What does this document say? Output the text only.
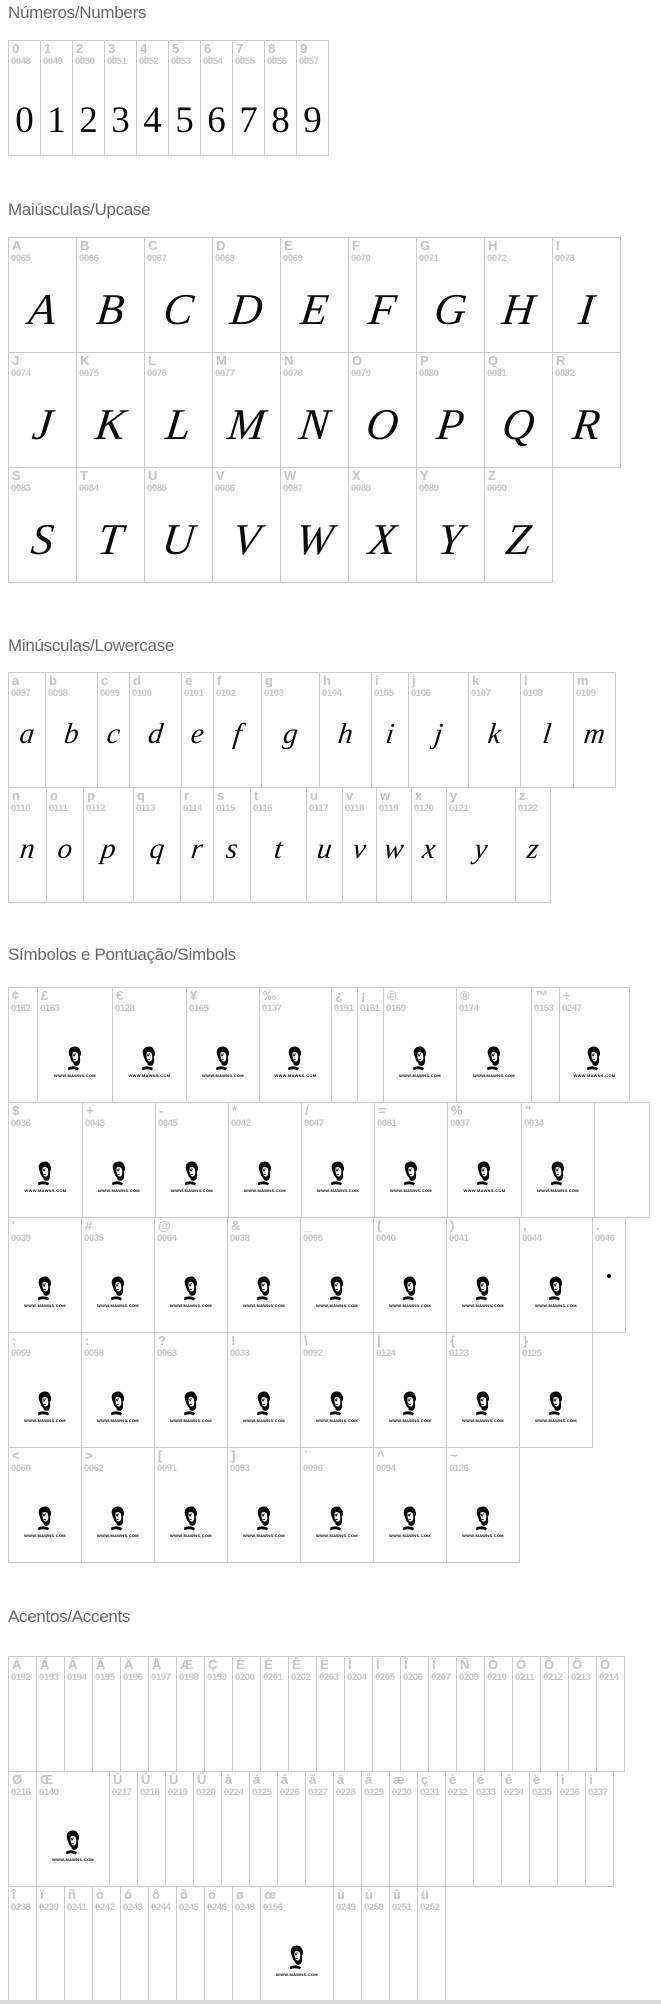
Números/Numbers
Maiúsculas/Upcase
Minúsculas/Lowercase
Símbolos e Pontuação/Simbols
Acentos/Accents
0
0048
0
1
0049
1
2
0050
2
3
0051
3
4
0052
4
5
0053
5
6
0054
6
7
0055
7
8
0056
8
9
0057
9
A
0065
A
B
0066
B
C
0067
C
D
0068
D
E
0069
E
F
0070
F
G
0071
G
H
0072
H
I
0073
I
J
0074
J
K
0075
K
L
0076
L
M
0077
M
N
0078
N
O
0079
O
P
0080
P
Q
0081
Q
R
0082
R
S
0083
S
T
0084
T
U
0085
U
V
0086
V
W
0087
W
X
0088
X
Y
0089
Y
Z
0090
Z
a
0097
a
b
0098
b
c
0099
c
d
0100
d
e
0101
e
f
0102
f
g
0103
g
h
0104
h
i
0105
i
j
0106
j
k
0107
k
l
0108
l
m
0109
m
n
0110
n
o
0111
o
p
0112
p
q
0113
q
r
0114
r
s
0115
s
t
0116
t
u
0117
u
v
0118
v
w
0119
w
x
0120
x
y
0121
y
z
0122
z
¢
0162
£
0163
WWW.MAWNS.COM
€
0128
WWW.MAWNS.COM
¥
0165
WWW.MAWNS.COM
‰
0137
WWW.MAWNS.COM
¿
0191
¡
0161
©
0169
WWW.MAWNS.COM
®
0174
WWW.MAWNS.COM
™
0153
÷
0247
WWW.MAWNS.COM
$
0036
WWW.MAWNS.COM
+
0043
WWW.MAWNS.COM
-
0045
WWW.MAWNS.COM
*
0042
WWW.MAWNS.COM
/
0047
WWW.MAWNS.COM
=
0061
WWW.MAWNS.COM
%
0037
WWW.MAWNS.COM
"
0034
WWW.MAWNS.COM
'
0039
WWW.MAWNS.COM
#
0035
WWW.MAWNS.COM
@
0064
WWW.MAWNS.COM
&
0038
WWW.MAWNS.COM
_
0095
WWW.MAWNS.COM
(
0040
WWW.MAWNS.COM
)
0041
WWW.MAWNS.COM
,
0044
WWW.MAWNS.COM
.
0046
;
0059
WWW.MAWNS.COM
:
0058
WWW.MAWNS.COM
?
0063
WWW.MAWNS.COM
!
0033
WWW.MAWNS.COM
\
0092
WWW.MAWNS.COM
|
0124
WWW.MAWNS.COM
{
0123
WWW.MAWNS.COM
}
0125
WWW.MAWNS.COM
<
0060
WWW.MAWNS.COM
>
0062
WWW.MAWNS.COM
[
0091
WWW.MAWNS.COM
]
0093
WWW.MAWNS.COM
`
0096
WWW.MAWNS.COM
^
0094
WWW.MAWNS.COM
~
0126
WWW.MAWNS.COM
À
0192
Á
0193
Â
0194
Ã
0195
Ä
0196
Å
0197
Æ
0198
Ç
0199
È
0200
É
0201
Ê
0202
Ë
0203
Ì
0204
Í
0205
Î
0206
Ï
0207
Ñ
0209
Ò
0210
Ó
0211
Ô
0212
Õ
0213
Ö
0214
Ø
0216
Œ
0140
WWW.MAWNS.COM
Ù
0217
Ú
0218
Û
0219
Ü
0220
à
0224
á
0225
â
0226
ã
0227
ä
0228
å
0229
æ
0230
ç
0231
è
0232
é
0233
ê
0234
ë
0235
ì
0236
í
0237
î
0238
ï
0239
ñ
0241
ò
0242
ó
0243
ô
0244
õ
0245
ö
0246
ø
0248
œ
0156
WWW.MAWNS.COM
ù
0249
ú
0250
û
0251
ü
0252
